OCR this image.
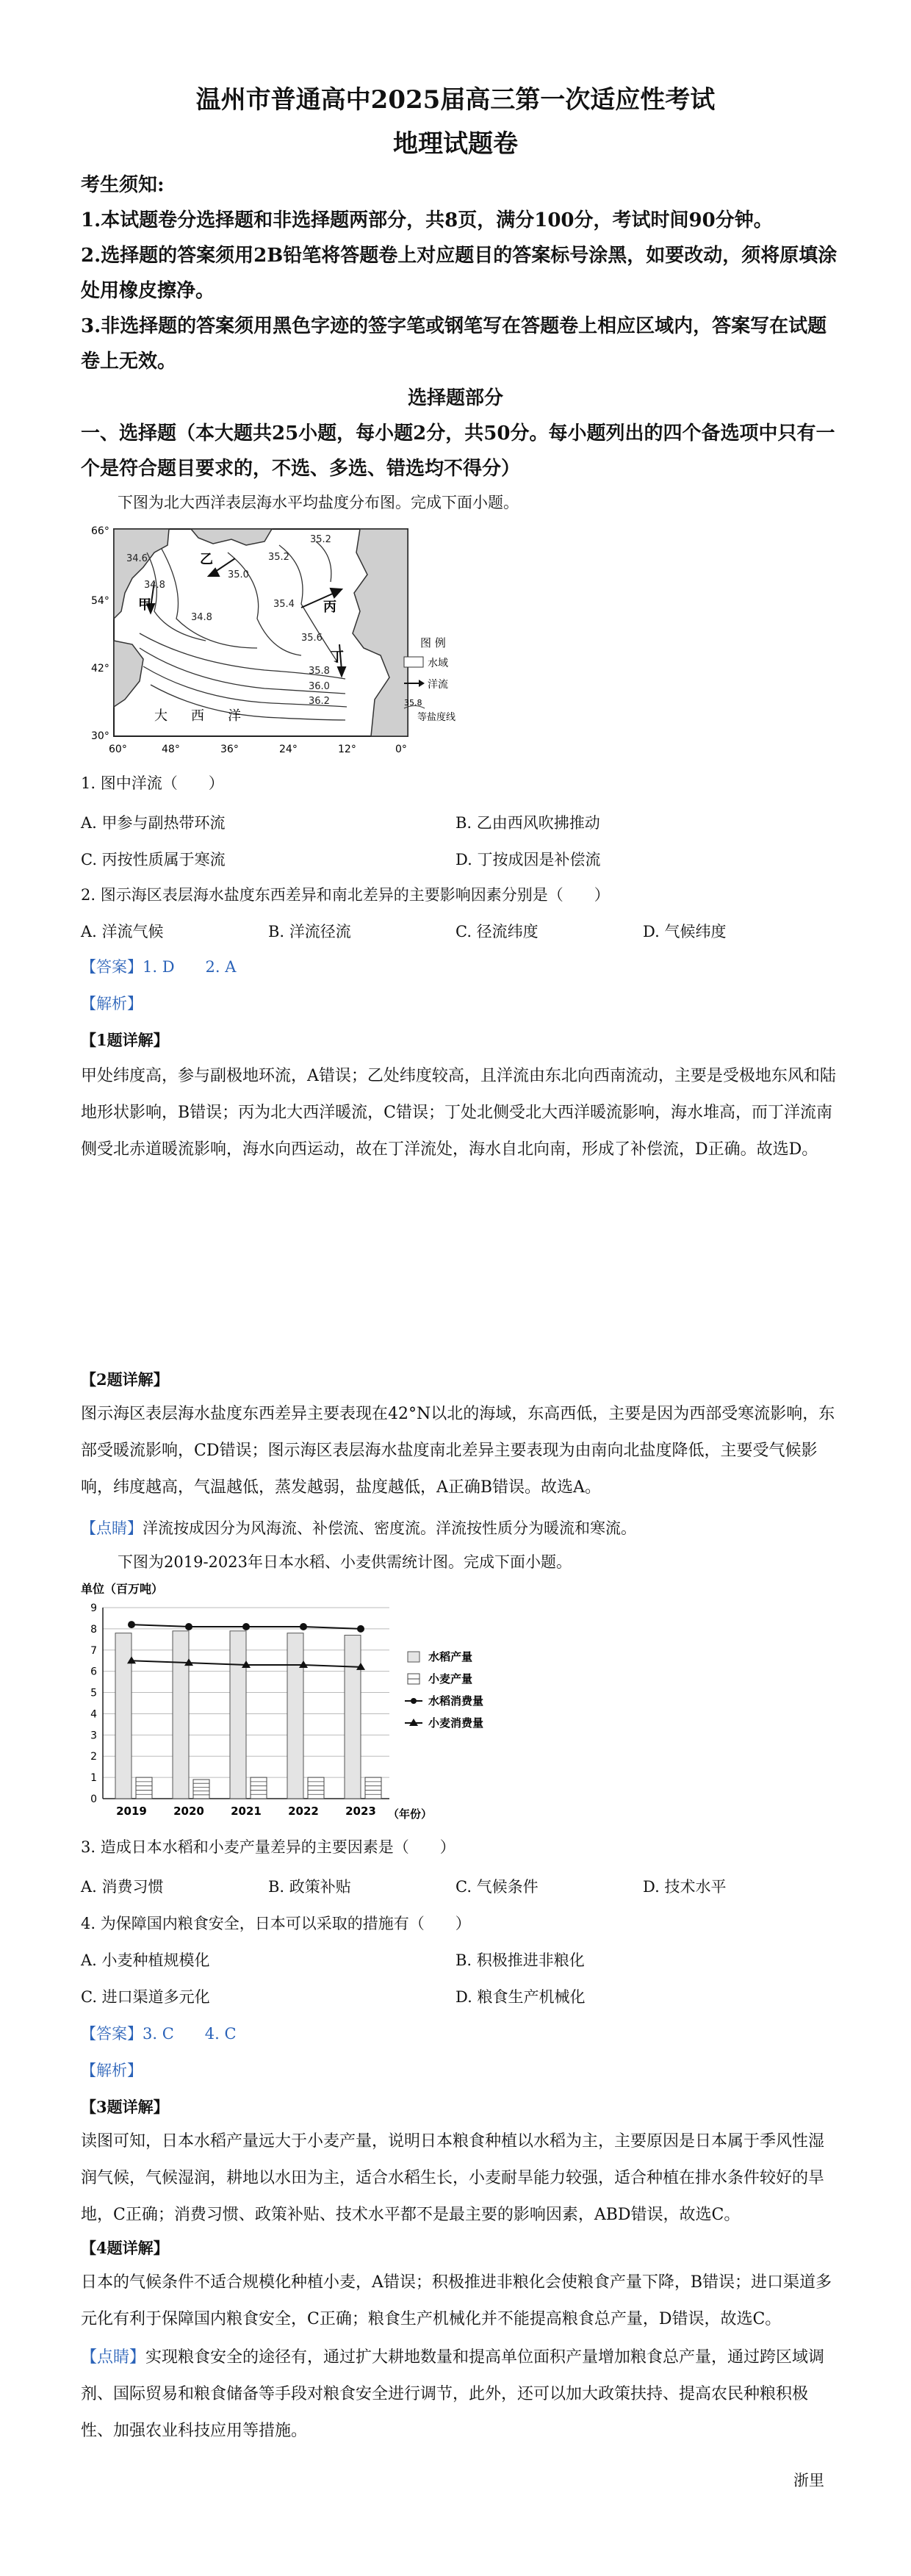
温州市普通高中2025届高三第一次适应性考试
地理试题卷
考生须知:
1.本试题卷分选择题和非选择题两部分，共8页，满分100分，考试时间90分钟。
2.选择题的答案须用2B铅笔将答题卷上对应题目的答案标号涂黑，如要改动，须将原填涂处用橡皮擦净。
3.非选择题的答案须用黑色字迹的签字笔或钢笔写在答题卷上相应区域内，答案写在试题卷上无效。
选择题部分
一、选择题（本大题共25小题，每小题2分，共50分。每小题列出的四个备选项中只有一个是符合题目要求的，不选、多选、错选均不得分）
下图为北大西洋表层海水平均盐度分布图。完成下面小题。
34.6
34.8
35.0
35.2
35.4
35.6
35.8
36.0
36.2
35.2
34.8
甲
乙
丙
丁
大 西 洋
66°
54°
42°
30°
60°	48°	36°	24°	12°	0°
图 例
水域
洋流
35.8
等盐度线
1. 图中洋流（　　）
A. 甲参与副热带环流	B. 乙由西风吹拂推动
C. 丙按性质属于寒流	D. 丁按成因是补偿流
2. 图示海区表层海水盐度东西差异和南北差异的主要影响因素分别是（　　）
A. 洋流气候	B. 洋流径流	C. 径流纬度	D. 气候纬度
【答案】1. D　　2. A
【解析】
【1题详解】
甲处纬度高，参与副极地环流，A错误；乙处纬度较高，且洋流由东北向西南流动，主要是受极地东风和陆地形状影响，B错误；丙为北大西洋暖流，C错误；丁处北侧受北大西洋暖流影响，海水堆高，而丁洋流南侧受北赤道暖流影响，海水向西运动，故在丁洋流处，海水自北向南，形成了补偿流，D正确。故选D。
【2题详解】
图示海区表层海水盐度东西差异主要表现在42°N以北的海域，东高西低，主要是因为西部受寒流影响，东部受暖流影响，CD错误；图示海区表层海水盐度南北差异主要表现为由南向北盐度降低，主要受气候影响，纬度越高，气温越低，蒸发越弱，盐度越低，A正确B错误。故选A。
【点睛】洋流按成因分为风海流、补偿流、密度流。洋流按性质分为暖流和寒流。
下图为2019-2023年日本水稻、小麦供需统计图。完成下面小题。
单位（百万吨）
0
1
2
3
4
5
6
7
8
9
2019 2020 2021 2022 2023 （年份）
水稻产量
小麦产量
水稻消费量
小麦消费量
3. 造成日本水稻和小麦产量差异的主要因素是（　　）
A. 消费习惯	B. 政策补贴	C. 气候条件	D. 技术水平
4. 为保障国内粮食安全，日本可以采取的措施有（　　）
A. 小麦种植规模化	B. 积极推进非粮化
C. 进口渠道多元化	D. 粮食生产机械化
【答案】3. C　　4. C
【解析】
【3题详解】
读图可知，日本水稻产量远大于小麦产量，说明日本粮食种植以水稻为主，主要原因是日本属于季风性湿润气候，气候湿润，耕地以水田为主，适合水稻生长，小麦耐旱能力较强，适合种植在排水条件较好的旱地，C正确；消费习惯、政策补贴、技术水平都不是最主要的影响因素，ABD错误，故选C。
【4题详解】
日本的气候条件不适合规模化种植小麦，A错误；积极推进非粮化会使粮食产量下降，B错误；进口渠道多元化有利于保障国内粮食安全，C正确；粮食生产机械化并不能提高粮食总产量，D错误，故选C。
【点睛】实现粮食安全的途径有，通过扩大耕地数量和提高单位面积产量增加粮食总产量，通过跨区域调剂、国际贸易和粮食储备等手段对粮食安全进行调节，此外，还可以加大政策扶持、提高农民种粮积极性、加强农业科技应用等措施。
浙里
